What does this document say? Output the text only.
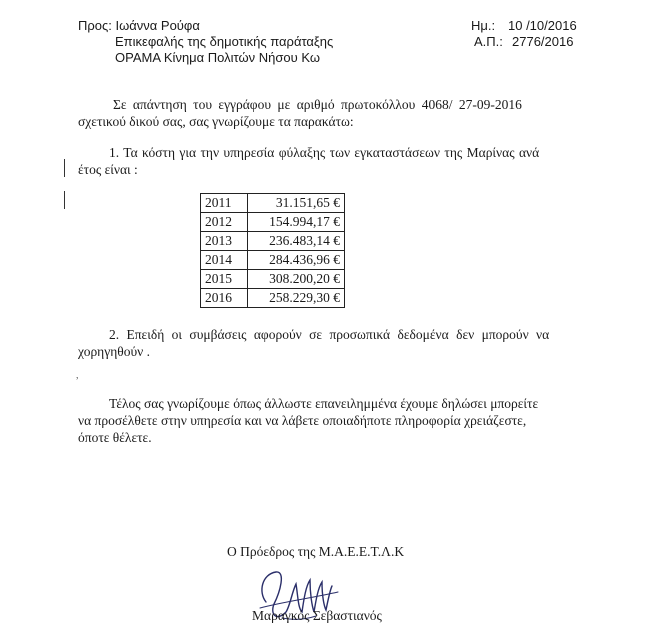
Προς: Ιωάννα Ρούφα
Επικεφαλής της δημοτικής παράταξης
ΟΡΑΜΑ Κίνημα Πολιτών Νήσου Κω
Ημ.: 10 /10/2016
Α.Π.: 2776/2016
Σε απάντηση του εγγράφου με αριθμό πρωτοκόλλου 4068/ 27-09-2016
σχετικού δικού σας, σας γνωρίζουμε τα παρακάτω:
1. Τα κόστη για την υπηρεσία φύλαξης των εγκαταστάσεων της Μαρίνας ανά
έτος είναι :
2011	31.151,65 €
2012	154.994,17 €
2013	236.483,14 €
2014	284.436,96 €
2015	308.200,20 €
2016	258.229,30 €
2. Επειδή οι συμβάσεις αφορούν σε προσωπικά δεδομένα δεν μπορούν να
χορηγηθούν .
,
Τέλος σας γνωρίζουμε όπως άλλωστε επανειλημμένα έχουμε δηλώσει μπορείτε
να προσέλθετε στην υπηρεσία και να λάβετε οποιαδήποτε πληροφορία χρειάζεστε,
όποτε θέλετε.
Ο Πρόεδρος της Μ.Α.Ε.Ε.Τ.Λ.Κ
Μαραγκός Σεβαστιανός
